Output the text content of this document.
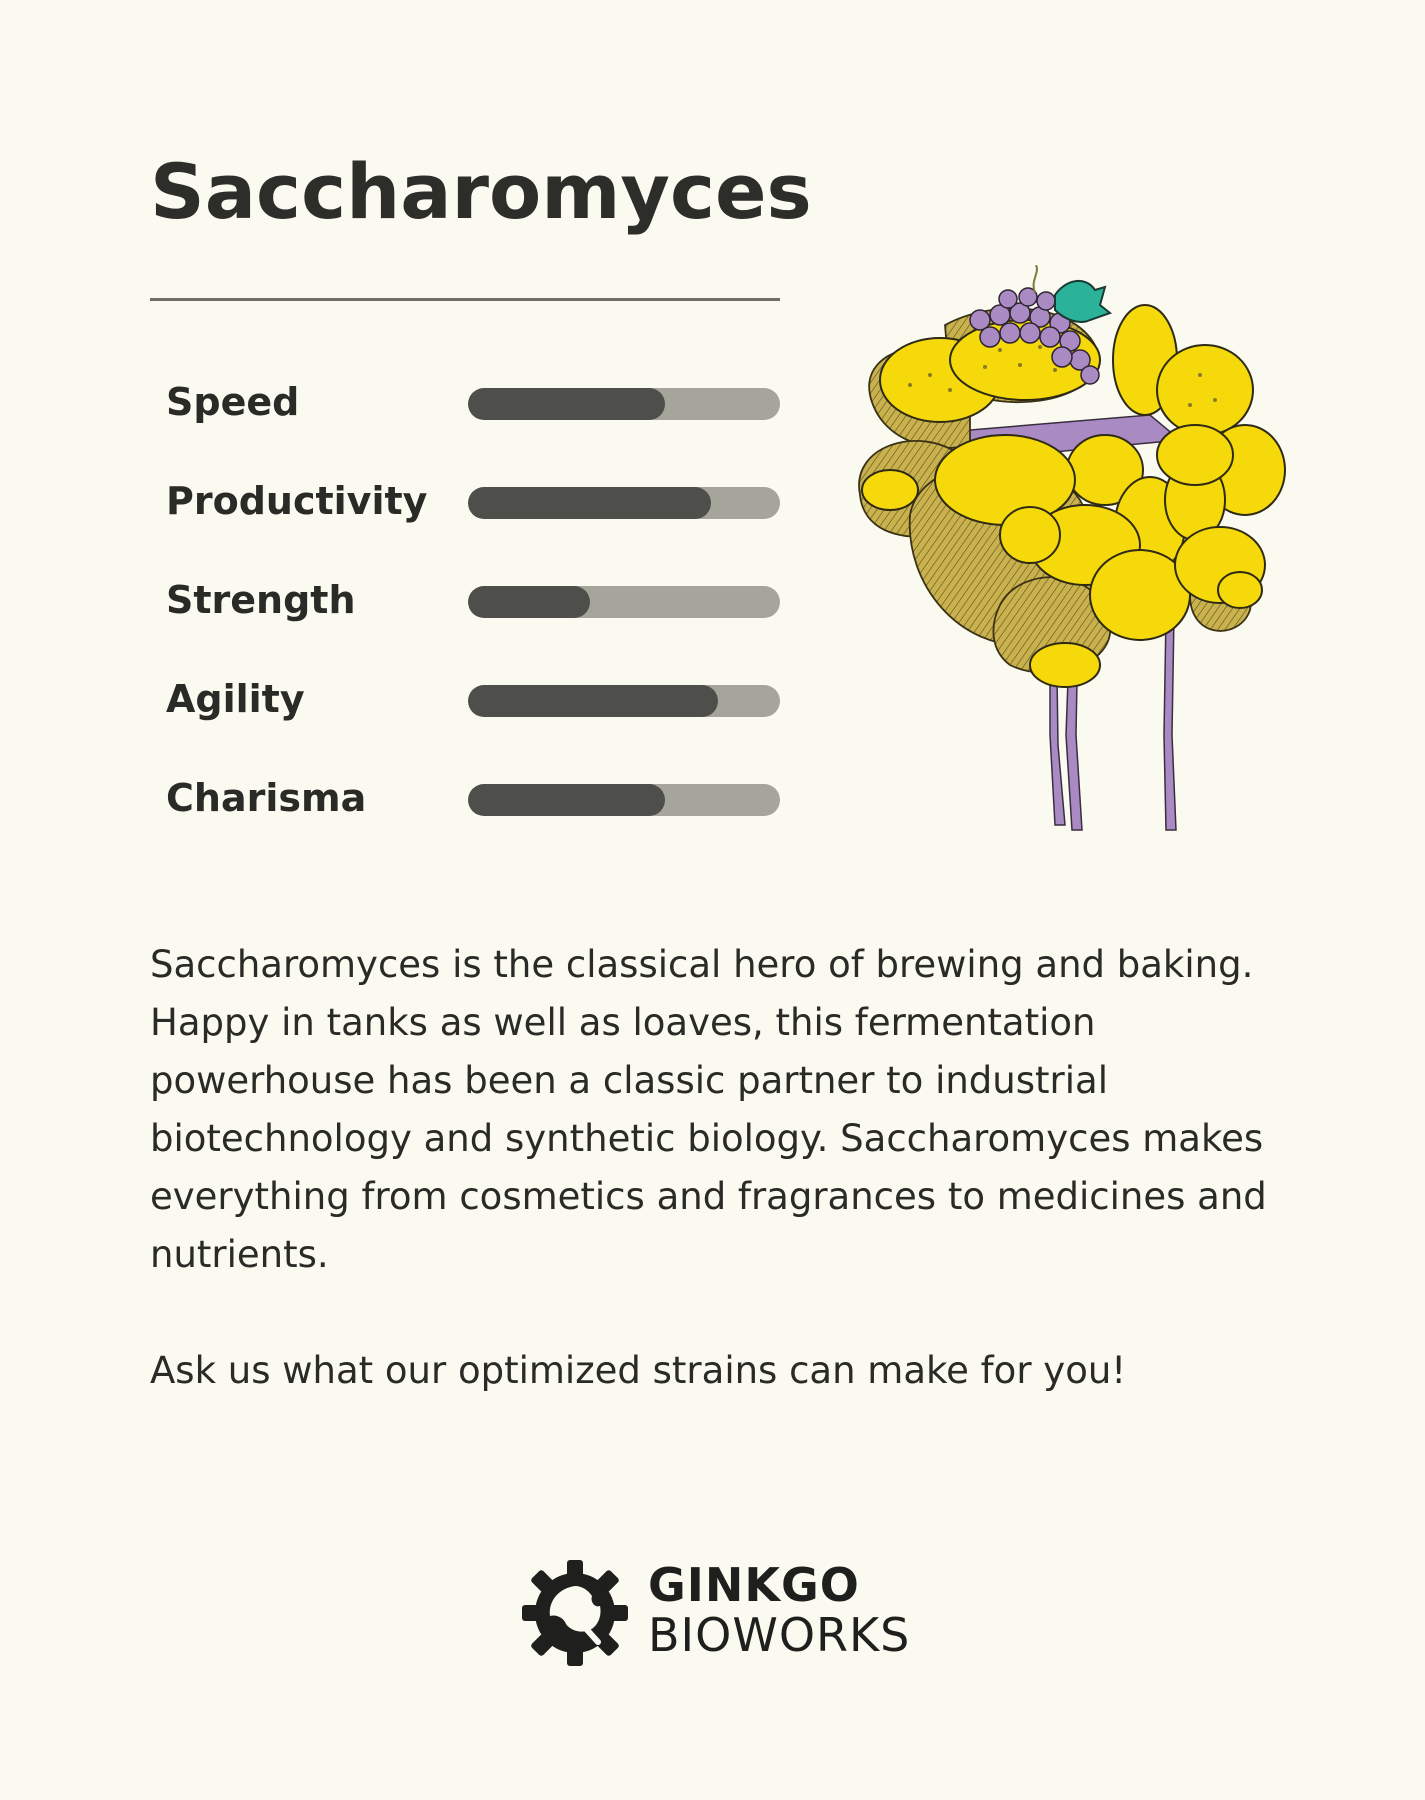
Saccharomyces
Speed
Productivity
Strength
Agility
Charisma

Saccharomyces is the classical hero of brewing and baking. Happy in tanks as well as loaves, this fermentation powerhouse has been a classic partner to industrial biotechnology and synthetic biology. Saccharomyces makes everything from cosmetics and fragrances to medicines and nutrients.

Ask us what our optimized strains can make for you!

GINKGO
BIOWORKS
